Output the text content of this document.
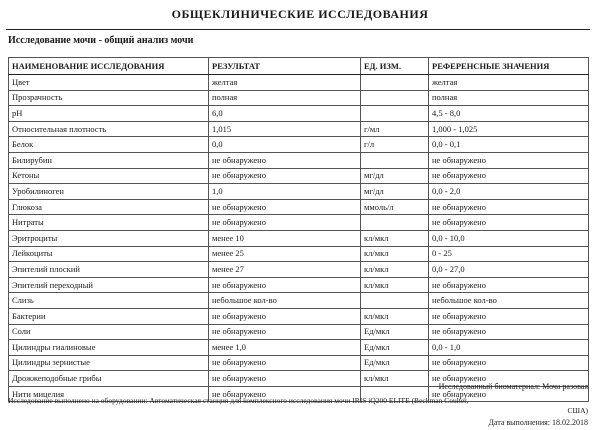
ОБЩЕКЛИНИЧЕСКИЕ ИССЛЕДОВАНИЯ
Исследование мочи - общий анализ мочи
НАИМЕНОВАНИЕ ИССЛЕДОВАНИЯ	РЕЗУЛЬТАТ	ЕД. ИЗМ.	РЕФЕРЕНСНЫЕ ЗНАЧЕНИЯ
Цвет	желтая		желтая
Прозрачность	полная		полная
pH	6,0		4,5 - 8,0
Относительная плотность	1,015	г/мл	1,000 - 1,025
Белок	0,0	г/л	0,0 - 0,1
Билирубин	не обнаружено		не обнаружено
Кетоны	не обнаружено	мг/дл	не обнаружено
Уробилиноген	1,0	мг/дл	0,0 - 2,0
Глюкоза	не обнаружено	ммоль/л	не обнаружено
Нитраты	не обнаружено		не обнаружено
Эритроциты	менее 10	кл/мкл	0,0 - 10,0
Лейкоциты	менее 25	кл/мкл	0 - 25
Эпителий плоский	менее 27	кл/мкл	0,0 - 27,0
Эпителий переходный	не обнаружено	кл/мкл	не обнаружено
Слизь	небольшое кол-во		небольшое кол-во
Бактерии	не обнаружено	кл/мкл	не обнаружено
Соли	не обнаружено	Ед/мкл	не обнаружено
Цилиндры гиалиновые	менее 1,0	Ед/мкл	0,0 - 1,0
Цилиндры зернистые	не обнаружено	Ед/мкл	не обнаружено
Дрожжеподобные грибы	не обнаружено	кл/мкл	не обнаружено
Нити мицелия	не обнаружено		не обнаружено
Исследованный биоматериал: Моча разовая
Исследование выполнено на оборудовании: Автоматическая станция для комплексного исследования мочи IRIS iQ200 ELITE (Beckman Coulter,
США)
Дата выполнения: 18.02.2018
